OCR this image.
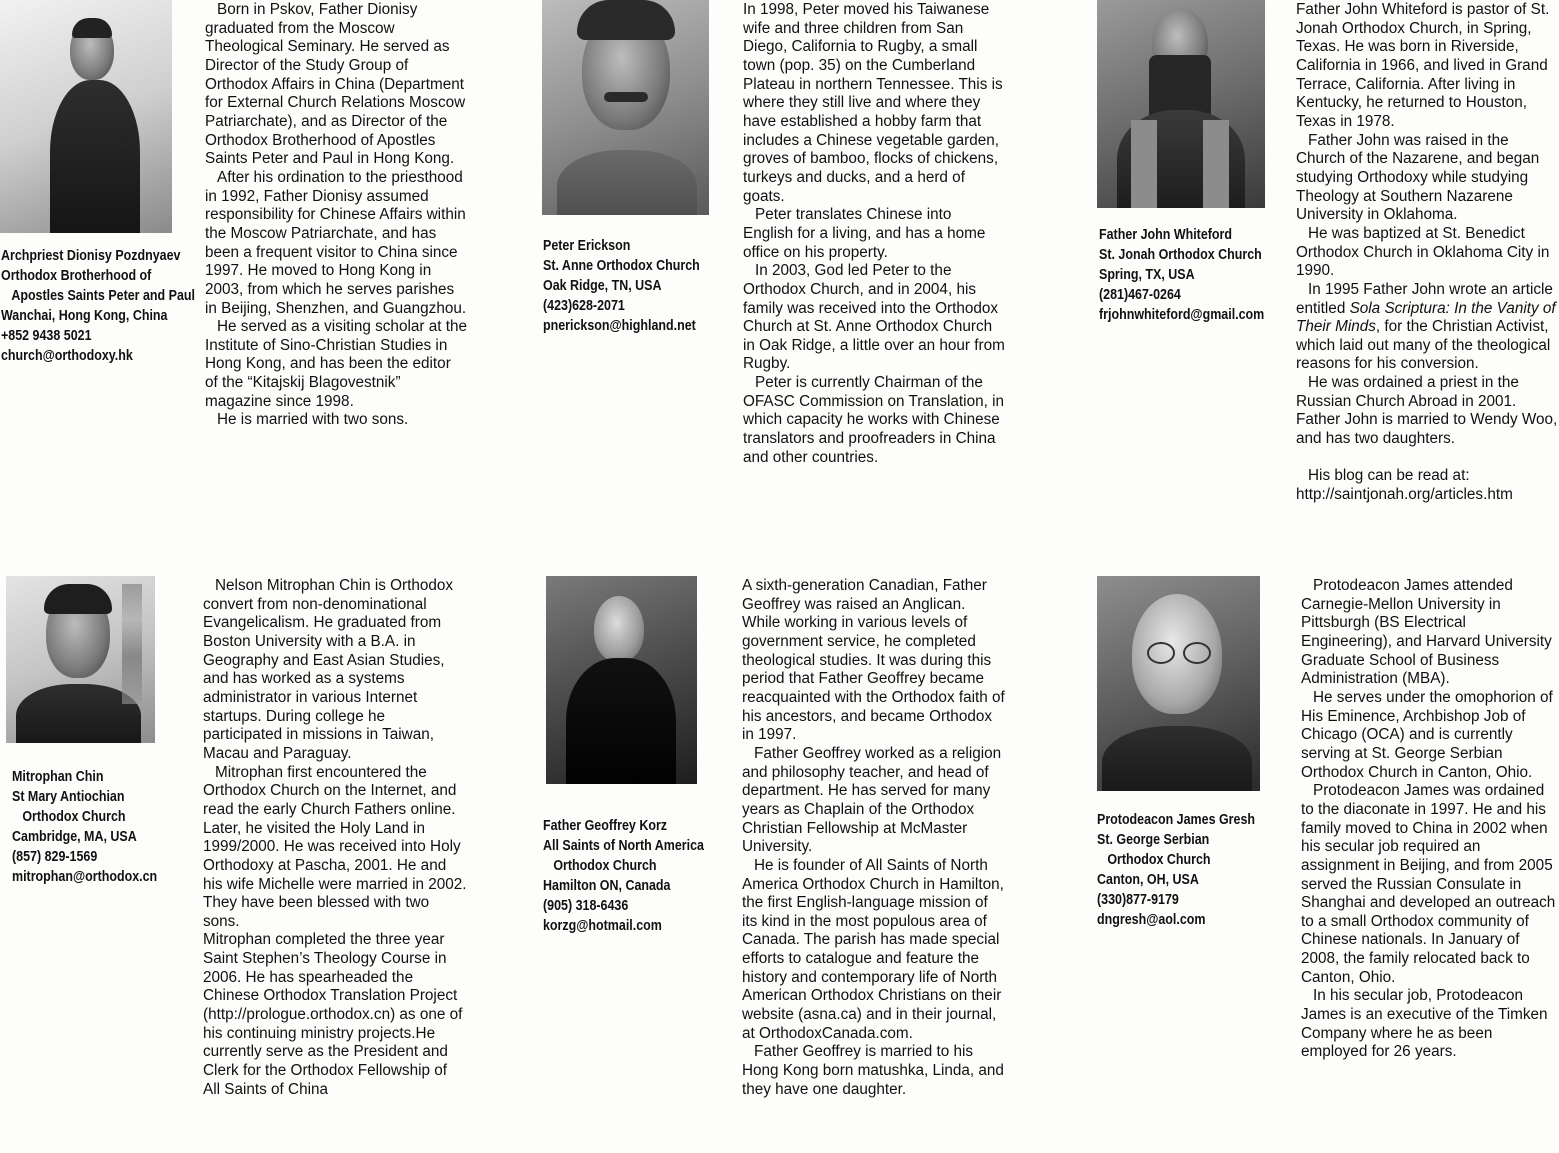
Archpriest Dionisy Pozdnyaev
Orthodox Brotherhood of
Apostles Saints Peter and Paul
Wanchai, Hong Kong, China
+852 9438 5021
church@orthodoxy.hk

Born in Pskov, Father Dionisy graduated from the Moscow Theological Seminary. He served as Director of the Study Group of Orthodox Affairs in China (Department for External Church Relations Moscow Patriarchate), and as Director of the Orthodox Brotherhood of Apostles Saints Peter and Paul in Hong Kong.

After his ordination to the priesthood in 1992, Father Dionisy assumed responsibility for Chinese Affairs within the Moscow Patriarchate, and has been a frequent visitor to China since 1997. He moved to Hong Kong in 2003, from which he serves parishes in Beijing, Shenzhen, and Guangzhou.

He served as a visiting scholar at the Institute of Sino-Christian Studies in Hong Kong, and has been the editor of the “Kitajskij Blagovestnik” magazine since 1998.

He is married with two sons.

Peter Erickson
St. Anne Orthodox Church
Oak Ridge, TN, USA
(423)628-2071
pnerickson@highland.net

In 1998, Peter moved his Taiwanese wife and three children from San Diego, California to Rugby, a small town (pop. 35) on the Cumberland Plateau in northern Tennessee. This is where they still live and where they have established a hobby farm that includes a Chinese vegetable garden, groves of bamboo, flocks of chickens, turkeys and ducks, and a herd of goats.

Peter translates Chinese into English for a living, and has a home office on his property.

In 2003, God led Peter to the Orthodox Church, and in 2004, his family was received into the Orthodox Church at St. Anne Orthodox Church in Oak Ridge, a little over an hour from Rugby.

Peter is currently Chairman of the OFASC Commission on Translation, in which capacity he works with Chinese translators and proofreaders in China and other countries.

Father John Whiteford
St. Jonah Orthodox Church
Spring, TX, USA
(281)467-0264
frjohnwhiteford@gmail.com

Father John Whiteford is pastor of St. Jonah Orthodox Church, in Spring, Texas. He was born in Riverside, California in 1966, and lived in Grand Terrace, California. After living in Kentucky, he returned to Houston, Texas in 1978.

Father John was raised in the Church of the Nazarene, and began studying Orthodoxy while studying Theology at Southern Nazarene University in Oklahoma.

He was baptized at St. Benedict Orthodox Church in Oklahoma City in 1990.

In 1995 Father John wrote an article entitled Sola Scriptura: In the Vanity of Their Minds, for the Christian Activist, which laid out many of the theological reasons for his conversion.

He was ordained a priest in the Russian Church Abroad in 2001. Father John is married to Wendy Woo, and has two daughters.

His blog can be read at: http://saintjonah.org/articles.htm

Mitrophan Chin
St Mary Antiochian
Orthodox Church
Cambridge, MA, USA
(857) 829-1569
mitrophan@orthodox.cn

Nelson Mitrophan Chin is Orthodox convert from non-denominational Evangelicalism. He graduated from Boston University with a B.A. in Geography and East Asian Studies, and has worked as a systems administrator in various Internet startups. During college he participated in missions in Taiwan, Macau and Paraguay.

Mitrophan first encountered the Orthodox Church on the Internet, and read the early Church Fathers online. Later, he visited the Holy Land in 1999/2000. He was received into Holy Orthodoxy at Pascha, 2001. He and his wife Michelle were married in 2002. They have been blessed with two sons.

Mitrophan completed the three year Saint Stephen’s Theology Course in 2006. He has spearheaded the Chinese Orthodox Translation Project (http://prologue.orthodox.cn) as one of his continuing ministry projects.He currently serve as the President and Clerk for the Orthodox Fellowship of All Saints of China

Father Geoffrey Korz
All Saints of North America
Orthodox Church
Hamilton ON, Canada
(905) 318-6436
korzg@hotmail.com

A sixth-generation Canadian, Father Geoffrey was raised an Anglican. While working in various levels of government service, he completed theological studies. It was during this period that Father Geoffrey became reacquainted with the Orthodox faith of his ancestors, and became Orthodox in 1997.

Father Geoffrey worked as a religion and philosophy teacher, and head of department. He has served for many years as Chaplain of the Orthodox Christian Fellowship at McMaster University.

He is founder of All Saints of North America Orthodox Church in Hamilton, the first English-language mission of its kind in the most populous area of Canada. The parish has made special efforts to catalogue and feature the history and contemporary life of North American Orthodox Christians on their website (asna.ca) and in their journal, at OrthodoxCanada.com.

Father Geoffrey is married to his Hong Kong born matushka, Linda, and they have one daughter.

Protodeacon James Gresh
St. George Serbian
Orthodox Church
Canton, OH, USA
(330)877-9179
dngresh@aol.com

Protodeacon James attended Carnegie-Mellon University in Pittsburgh (BS Electrical Engineering), and Harvard University Graduate School of Business Administration (MBA).

He serves under the omophorion of His Eminence, Archbishop Job of Chicago (OCA) and is currently serving at St. George Serbian Orthodox Church in Canton, Ohio.

Protodeacon James was ordained to the diaconate in 1997. He and his family moved to China in 2002 when his secular job required an assignment in Beijing, and from 2005 served the Russian Consulate in Shanghai and developed an outreach to a small Orthodox community of Chinese nationals. In January of 2008, the family relocated back to Canton, Ohio.

In his secular job, Protodeacon James is an executive of the Timken Company where he as been employed for 26 years.
